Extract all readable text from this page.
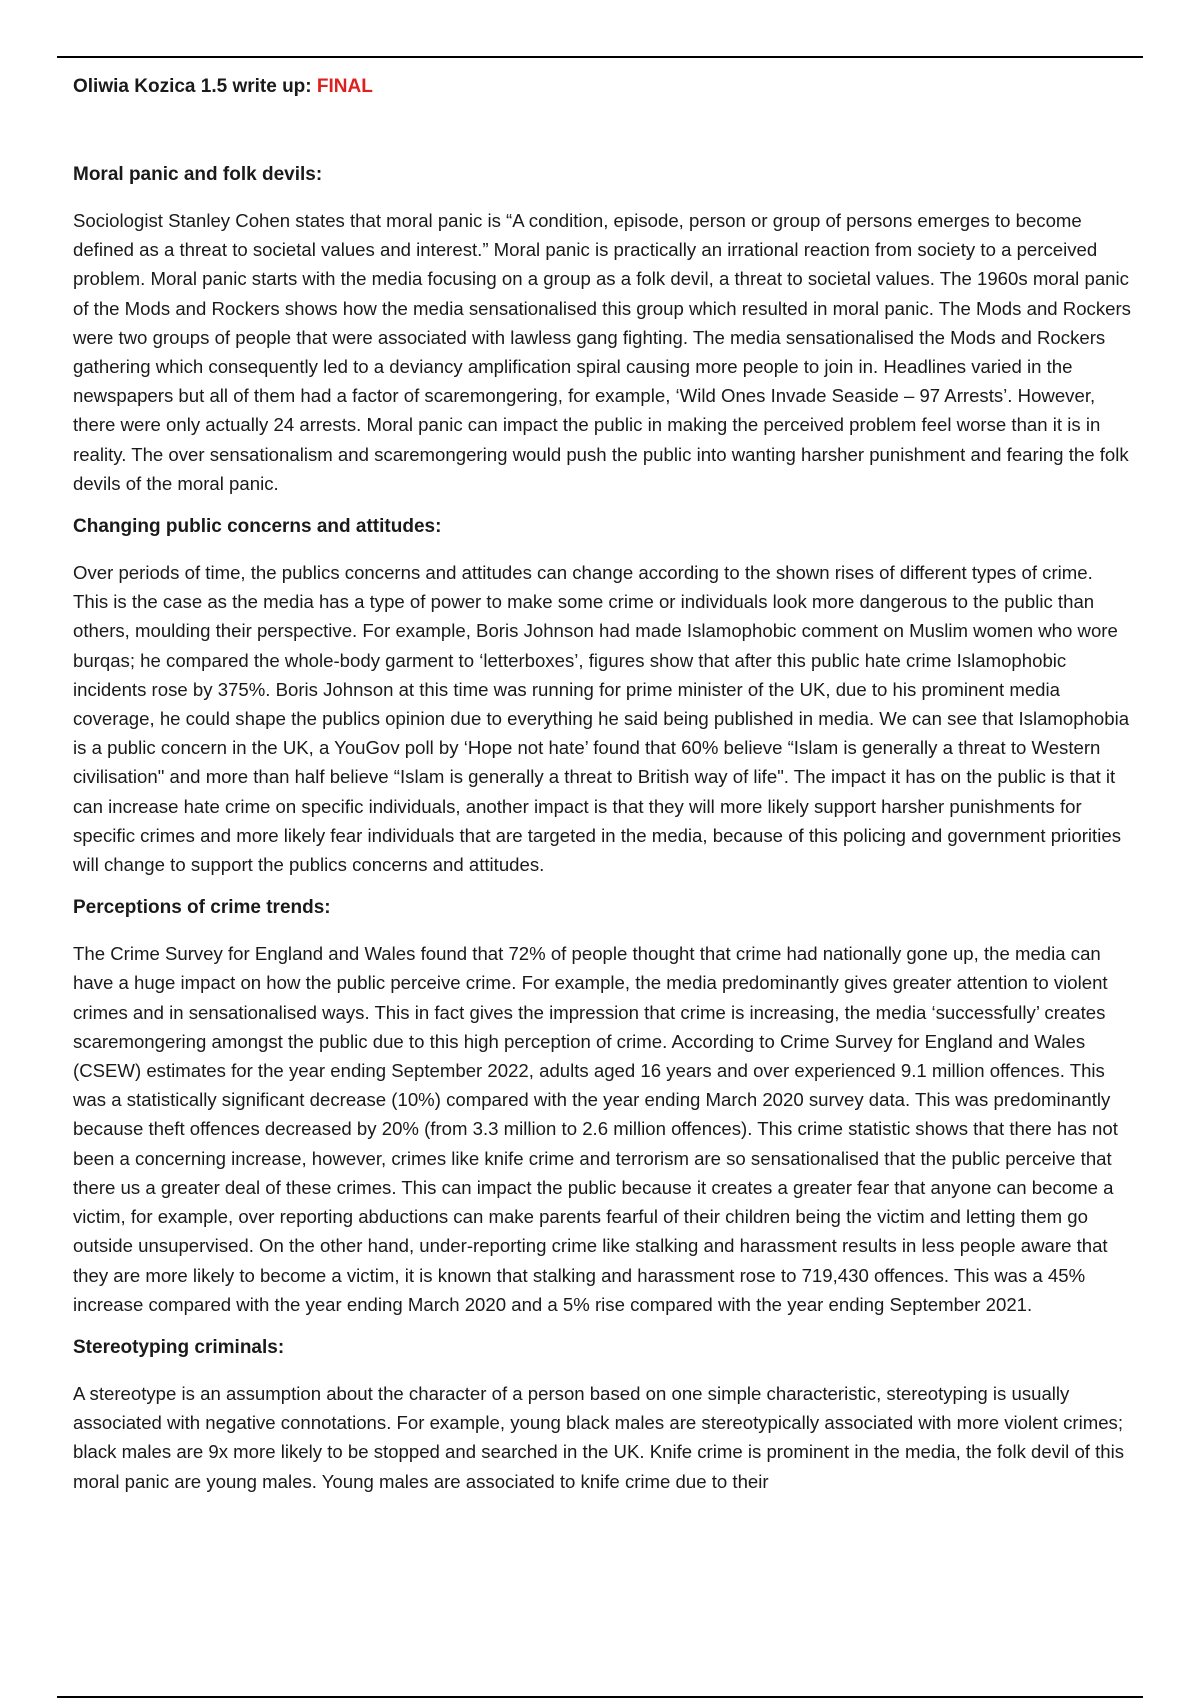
Oliwia Kozica 1.5 write up: FINAL
Moral panic and folk devils:

Sociologist Stanley Cohen states that moral panic is “A condition, episode, person or group of persons emerges to become defined as a threat to societal values and interest.” Moral panic is practically an irrational reaction from society to a perceived problem. Moral panic starts with the media focusing on a group as a folk devil, a threat to societal values. The 1960s moral panic of the Mods and Rockers shows how the media sensationalised this group which resulted in moral panic. The Mods and Rockers were two groups of people that were associated with lawless gang fighting. The media sensationalised the Mods and Rockers gathering which consequently led to a deviancy amplification spiral causing more people to join in. Headlines varied in the newspapers but all of them had a factor of scaremongering, for example, ‘Wild Ones Invade Seaside – 97 Arrests’. However, there were only actually 24 arrests. Moral panic can impact the public in making the perceived problem feel worse than it is in reality. The over sensationalism and scaremongering would push the public into wanting harsher punishment and fearing the folk devils of the moral panic.

Changing public concerns and attitudes:

Over periods of time, the publics concerns and attitudes can change according to the shown rises of different types of crime. This is the case as the media has a type of power to make some crime or individuals look more dangerous to the public than others, moulding their perspective. For example, Boris Johnson had made Islamophobic comment on Muslim women who wore burqas; he compared the whole-body garment to ‘letterboxes’, figures show that after this public hate crime Islamophobic incidents rose by 375%. Boris Johnson at this time was running for prime minister of the UK, due to his prominent media coverage, he could shape the publics opinion due to everything he said being published in media. We can see that Islamophobia is a public concern in the UK, a YouGov poll by ‘Hope not hate’ found that 60% believe “Islam is generally a threat to Western civilisation" and more than half believe “Islam is generally a threat to British way of life". The impact it has on the public is that it can increase hate crime on specific individuals, another impact is that they will more likely support harsher punishments for specific crimes and more likely fear individuals that are targeted in the media, because of this policing and government priorities will change to support the publics concerns and attitudes.

Perceptions of crime trends:

The Crime Survey for England and Wales found that 72% of people thought that crime had nationally gone up, the media can have a huge impact on how the public perceive crime. For example, the media predominantly gives greater attention to violent crimes and in sensationalised ways. This in fact gives the impression that crime is increasing, the media ‘successfully’ creates scaremongering amongst the public due to this high perception of crime. According to Crime Survey for England and Wales (CSEW) estimates for the year ending September 2022, adults aged 16 years and over experienced 9.1 million offences. This was a statistically significant decrease (10%) compared with the year ending March 2020 survey data. This was predominantly because theft offences decreased by 20% (from 3.3 million to 2.6 million offences). This crime statistic shows that there has not been a concerning increase, however, crimes like knife crime and terrorism are so sensationalised that the public perceive that there us a greater deal of these crimes. This can impact the public because it creates a greater fear that anyone can become a victim, for example, over reporting abductions can make parents fearful of their children being the victim and letting them go outside unsupervised. On the other hand, under-reporting crime like stalking and harassment results in less people aware that they are more likely to become a victim, it is known that stalking and harassment rose to 719,430 offences. This was a 45% increase compared with the year ending March 2020 and a 5% rise compared with the year ending September 2021.

Stereotyping criminals:

A stereotype is an assumption about the character of a person based on one simple characteristic, stereotyping is usually associated with negative connotations. For example, young black males are stereotypically associated with more violent crimes; black males are 9x more likely to be stopped and searched in the UK. Knife crime is prominent in the media, the folk devil of this moral panic are young males. Young males are associated to knife crime due to their
